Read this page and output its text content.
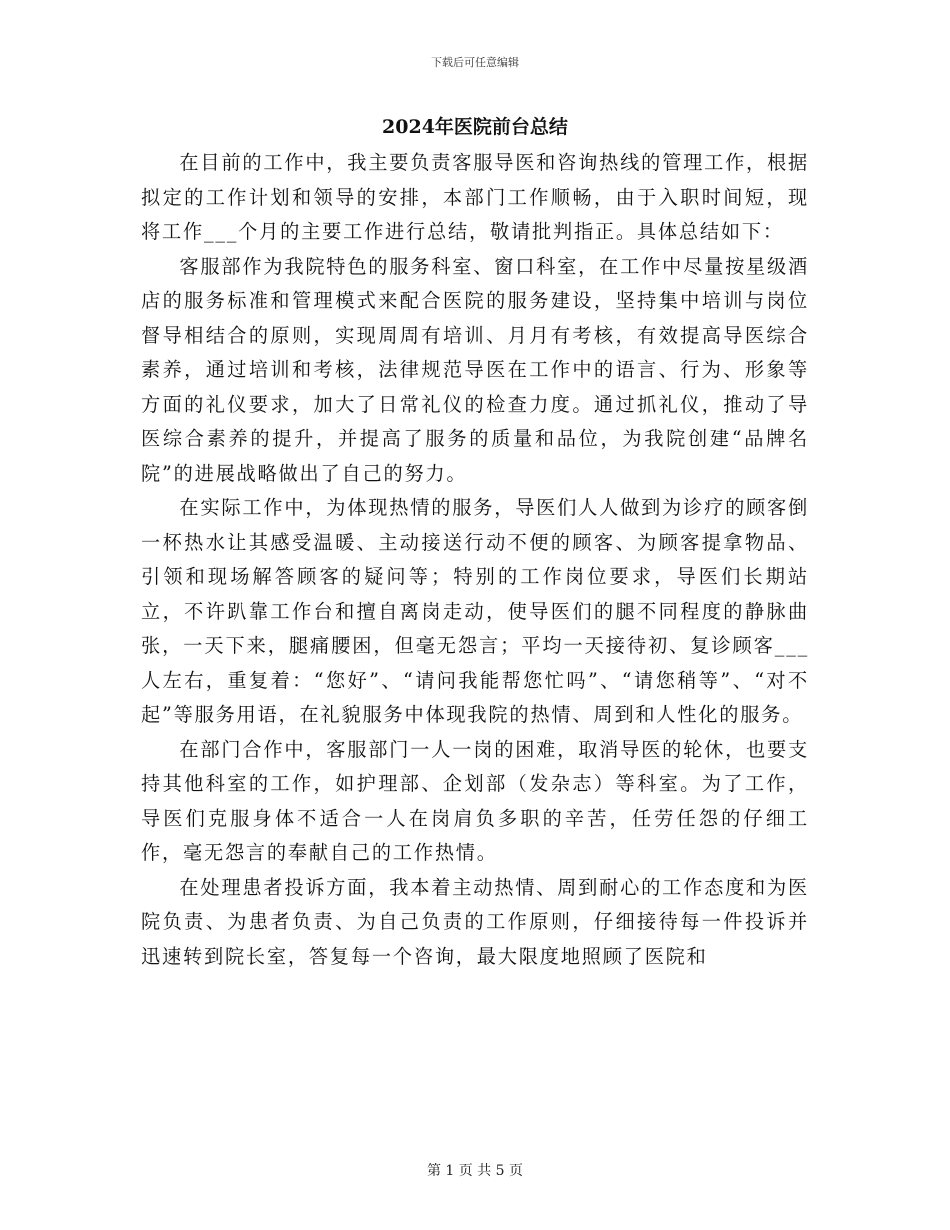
下载后可任意编辑
2024年医院前台总结

在目前的工作中，我主要负责客服导医和咨询热线的管理工作，根据拟定的工作计划和领导的安排，本部门工作顺畅，由于入职时间短，现将工作___个月的主要工作进行总结，敬请批判指正。具体总结如下：

客服部作为我院特色的服务科室、窗口科室，在工作中尽量按星级酒店的服务标准和管理模式来配合医院的服务建设，坚持集中培训与岗位督导相结合的原则，实现周周有培训、月月有考核，有效提高导医综合素养，通过培训和考核，法律规范导医在工作中的语言、行为、形象等方面的礼仪要求，加大了日常礼仪的检查力度。通过抓礼仪，推动了导医综合素养的提升，并提高了服务的质量和品位，为我院创建“品牌名院”的进展战略做出了自己的努力。

在实际工作中，为体现热情的服务，导医们人人做到为诊疗的顾客倒一杯热水让其感受温暖、主动接送行动不便的顾客、为顾客提拿物品、引领和现场解答顾客的疑问等；特别的工作岗位要求，导医们长期站立，不许趴靠工作台和擅自离岗走动，使导医们的腿不同程度的静脉曲张，一天下来，腿痛腰困，但毫无怨言；平均一天接待初、复诊顾客___人左右，重复着：“您好”、“请问我能帮您忙吗”、“请您稍等”、“对不起”等服务用语，在礼貌服务中体现我院的热情、周到和人性化的服务。

在部门合作中，客服部门一人一岗的困难，取消导医的轮休，也要支持其他科室的工作，如护理部、企划部（发杂志）等科室。为了工作，导医们克服身体不适合一人在岗肩负多职的辛苦，任劳任怨的仔细工作，毫无怨言的奉献自己的工作热情。

在处理患者投诉方面，我本着主动热情、周到耐心的工作态度和为医院负责、为患者负责、为自己负责的工作原则，仔细接待每一件投诉并迅速转到院长室，答复每一个咨询，最大限度地照顾了医院和

第 1 页 共 5 页
